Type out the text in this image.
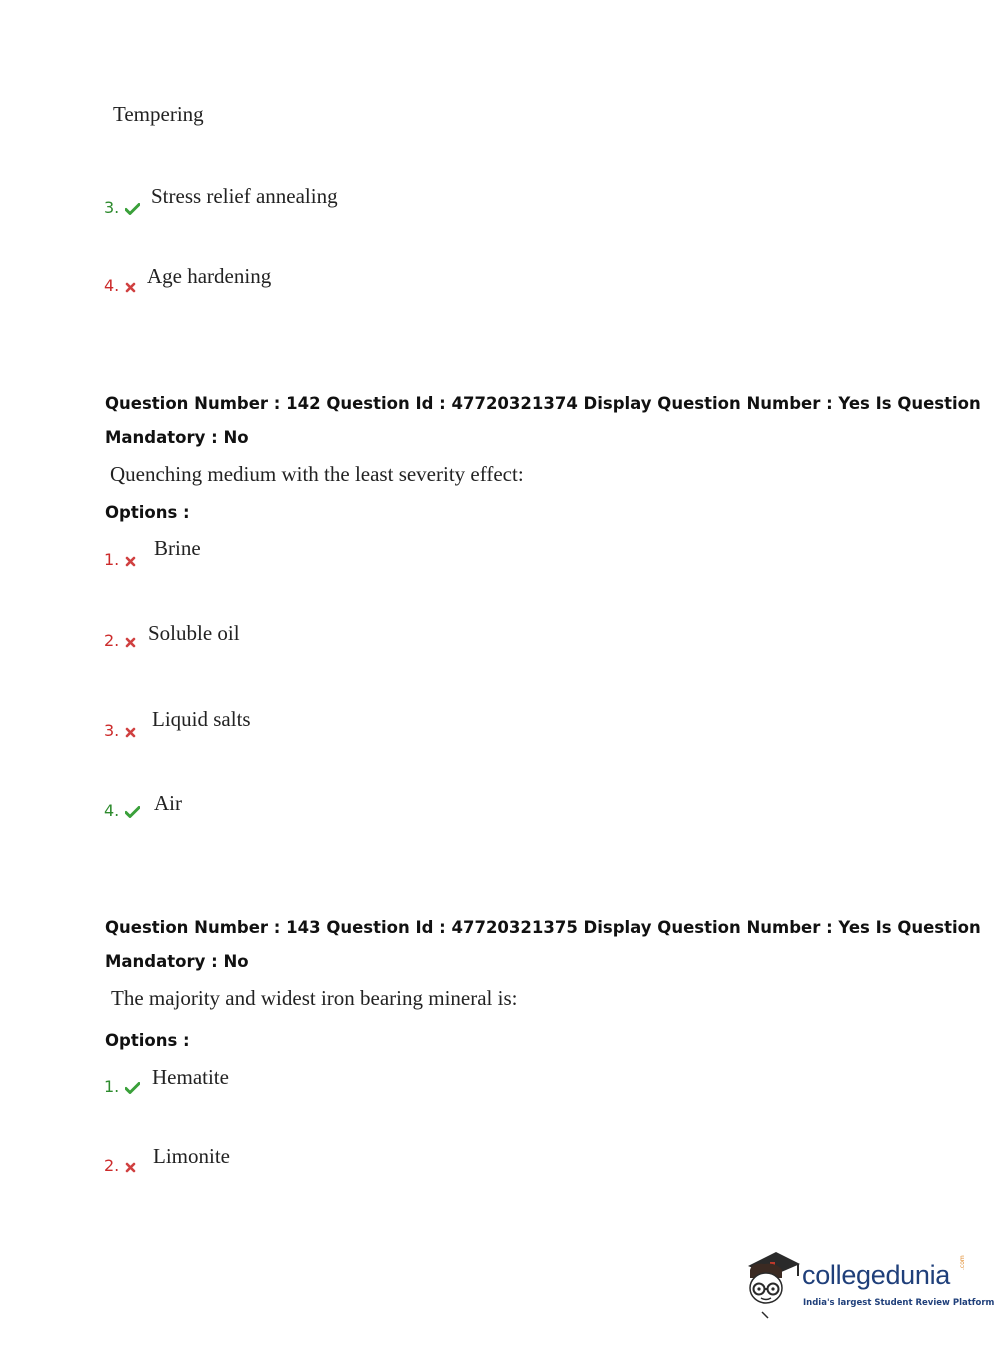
Tempering
3.	Stress relief annealing
4.	Age hardening
Question Number : 142 Question Id : 47720321374 Display Question Number : Yes Is Question
Mandatory : No
Quenching medium with the least severity effect:
Options :
1.	Brine
2.	Soluble oil
3.	Liquid salts
4.	Air
Question Number : 143 Question Id : 47720321375 Display Question Number : Yes Is Question
Mandatory : No
The majority and widest iron bearing mineral is:
Options :
1.	Hematite
2.	Limonite
collegedunia .com
India's largest Student Review Platform
